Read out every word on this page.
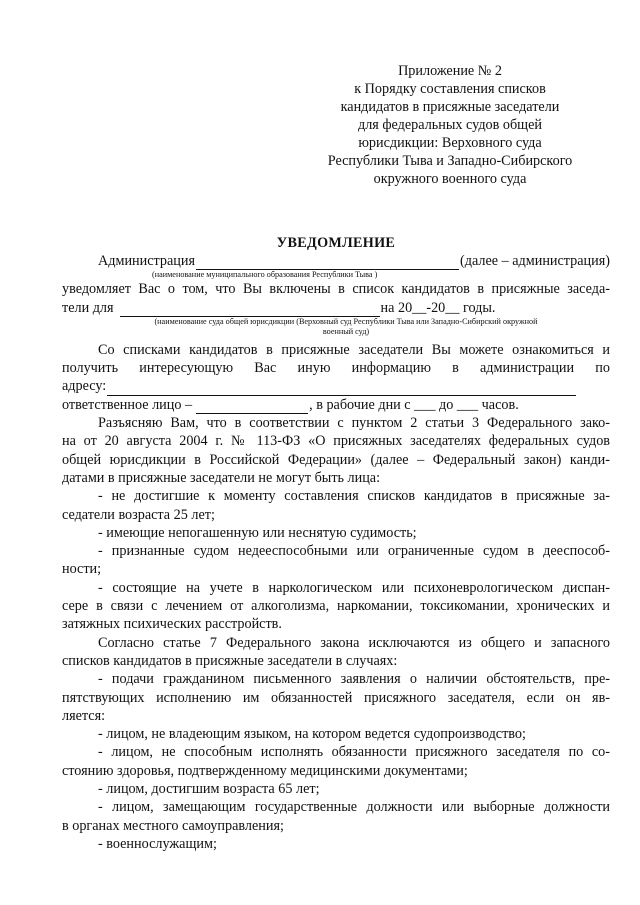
Приложение № 2
к Порядку составления списков
кандидатов в присяжные заседатели
для федеральных судов общей
юрисдикции: Верховного суда
Республики Тыва и Западно-Сибирского
окружного военного суда
УВЕДОМЛЕНИЕ
Администрация	(далее – администрация)
(наименование муниципального образования Республики Тыва )
уведомляет Вас о том, что Вы включены в список кандидатов в присяжные заседа-
тели для	на 20__-20__ годы.
(наименование суда общей юрисдикции (Верховный суд Республики Тыва или Западно-Сибирский окружной
военный суд)
Со списками кандидатов в присяжные заседатели Вы можете ознакомиться и
получить интересующую Вас иную информацию в администрации по
адресу:
ответственное лицо –	, в рабочие дни с ___ до ___ часов.
Разъясняю Вам, что в соответствии с пунктом 2 статьи 3 Федерального зако-
на от 20 августа 2004 г. № 113-ФЗ «О присяжных заседателях федеральных судов
общей юрисдикции в Российской Федерации» (далее – Федеральный закон) канди-
датами в присяжные заседатели не могут быть лица:
- не достигшие к моменту составления списков кандидатов в присяжные за-
седатели возраста 25 лет;
- имеющие непогашенную или неснятую судимость;
- признанные судом недееспособными или ограниченные судом в дееспособ-
ности;
- состоящие на учете в наркологическом или психоневрологическом диспан-
сере в связи с лечением от алкоголизма, наркомании, токсикомании, хронических и
затяжных психических расстройств.
Согласно статье 7 Федерального закона исключаются из общего и запасного
списков кандидатов в присяжные заседатели в случаях:
- подачи гражданином письменного заявления о наличии обстоятельств, пре-
пятствующих исполнению им обязанностей присяжного заседателя, если он яв-
ляется:
- лицом, не владеющим языком, на котором ведется судопроизводство;
- лицом, не способным исполнять обязанности присяжного заседателя по со-
стоянию здоровья, подтвержденному медицинскими документами;
- лицом, достигшим возраста 65 лет;
- лицом, замещающим государственные должности или выборные должности
в органах местного самоуправления;
- военнослужащим;
